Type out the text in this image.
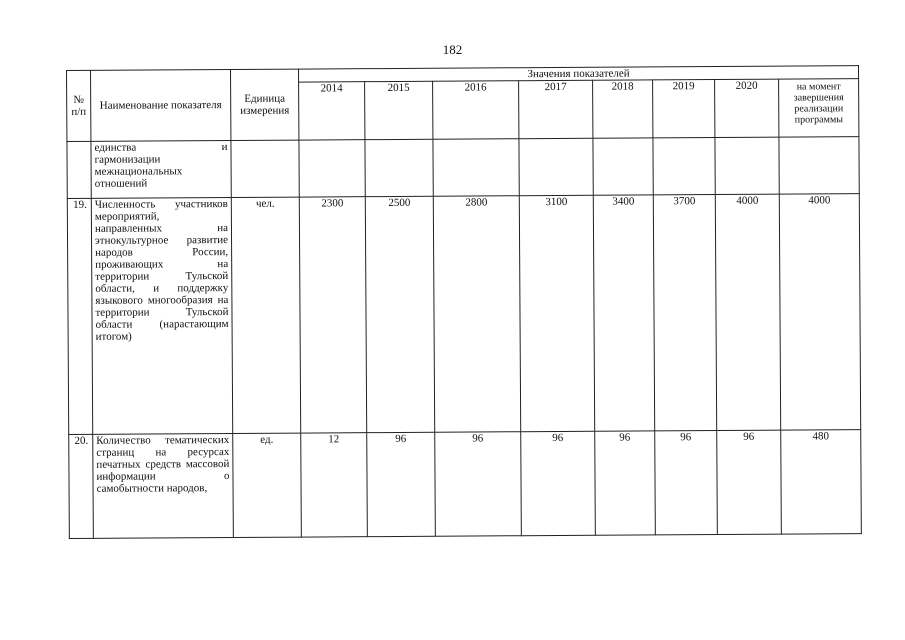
182
№ п/п	Наименование показателя	Единица измерения	Значения показателей							
			2014	2015	2016	2017	2018	2019	2020	на момент завершения реализации программы

	единства и
гармонизации межнациональных отношений									

19.	Численность участников мероприятий, направленных на этнокультурное развитие народов России, проживающих на территории Тульской области, и поддержку языкового многообразия на территории Тульской области (нарастающим итогом)	чел.	2300	2500	2800	3100	3400	3700	4000	4000
20.	Количество тематических страниц на ресурсах печатных средств массовой информации о самобытности народов,	ед.	12	96	96	96	96	96	96	480
